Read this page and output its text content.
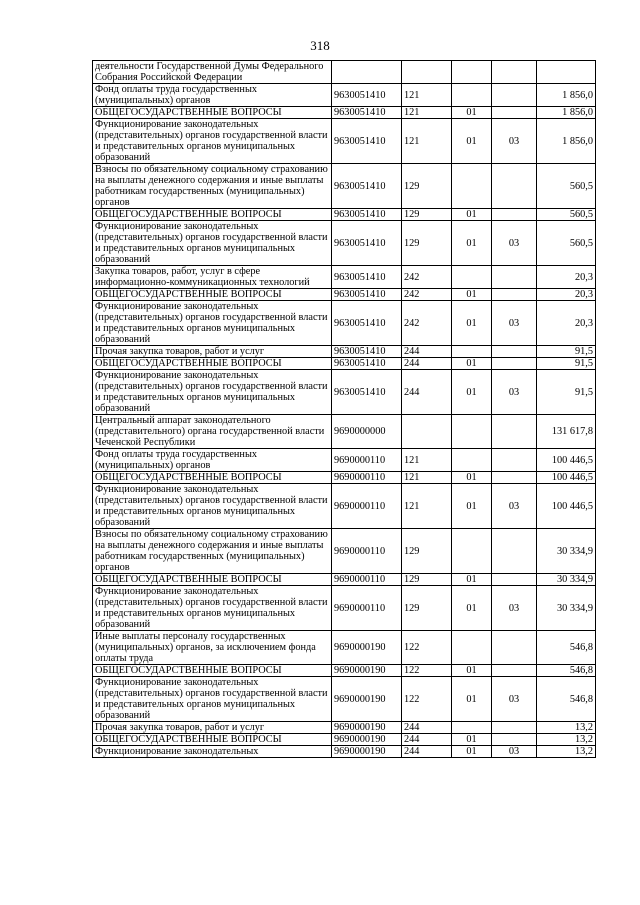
318
деятельности Государственной Думы Федерального Собрания Российской Федерации					
Фонд оплаты труда государственных (муниципальных) органов	9630051410	121			1 856,0
ОБЩЕГОСУДАРСТВЕННЫЕ ВОПРОСЫ	9630051410	121	01		1 856,0
Функционирование законодательных (представительных) органов государственной власти и представительных органов муниципальных образований	9630051410	121	01	03	1 856,0
Взносы по обязательному социальному страхованию на выплаты денежного содержания и иные выплаты работникам государственных (муниципальных) органов	9630051410	129			560,5
ОБЩЕГОСУДАРСТВЕННЫЕ ВОПРОСЫ	9630051410	129	01		560,5
Функционирование законодательных (представительных) органов государственной власти и представительных органов муниципальных образований	9630051410	129	01	03	560,5
Закупка товаров, работ, услуг в сфере информационно-коммуникационных технологий	9630051410	242			20,3
ОБЩЕГОСУДАРСТВЕННЫЕ ВОПРОСЫ	9630051410	242	01		20,3
Функционирование законодательных (представительных) органов государственной власти и представительных органов муниципальных образований	9630051410	242	01	03	20,3
Прочая закупка товаров, работ и услуг	9630051410	244			91,5
ОБЩЕГОСУДАРСТВЕННЫЕ ВОПРОСЫ	9630051410	244	01		91,5
Функционирование законодательных (представительных) органов государственной власти и представительных органов муниципальных образований	9630051410	244	01	03	91,5
Центральный аппарат законодательного (представительного) органа государственной власти Чеченской Республики	9690000000				131 617,8
Фонд оплаты труда государственных (муниципальных) органов	9690000110	121			100 446,5
ОБЩЕГОСУДАРСТВЕННЫЕ ВОПРОСЫ	9690000110	121	01		100 446,5
Функционирование законодательных (представительных) органов государственной власти и представительных органов муниципальных образований	9690000110	121	01	03	100 446,5
Взносы по обязательному социальному страхованию на выплаты денежного содержания и иные выплаты работникам государственных (муниципальных) органов	9690000110	129			30 334,9
ОБЩЕГОСУДАРСТВЕННЫЕ ВОПРОСЫ	9690000110	129	01		30 334,9
Функционирование законодательных (представительных) органов государственной власти и представительных органов муниципальных образований	9690000110	129	01	03	30 334,9
Иные выплаты персоналу государственных (муниципальных) органов, за исключением фонда оплаты труда	9690000190	122			546,8
ОБЩЕГОСУДАРСТВЕННЫЕ ВОПРОСЫ	9690000190	122	01		546,8
Функционирование законодательных (представительных) органов государственной власти и представительных органов муниципальных образований	9690000190	122	01	03	546,8
Прочая закупка товаров, работ и услуг	9690000190	244			13,2
ОБЩЕГОСУДАРСТВЕННЫЕ ВОПРОСЫ	9690000190	244	01		13,2
Функционирование законодательных	9690000190	244	01	03	13,2
